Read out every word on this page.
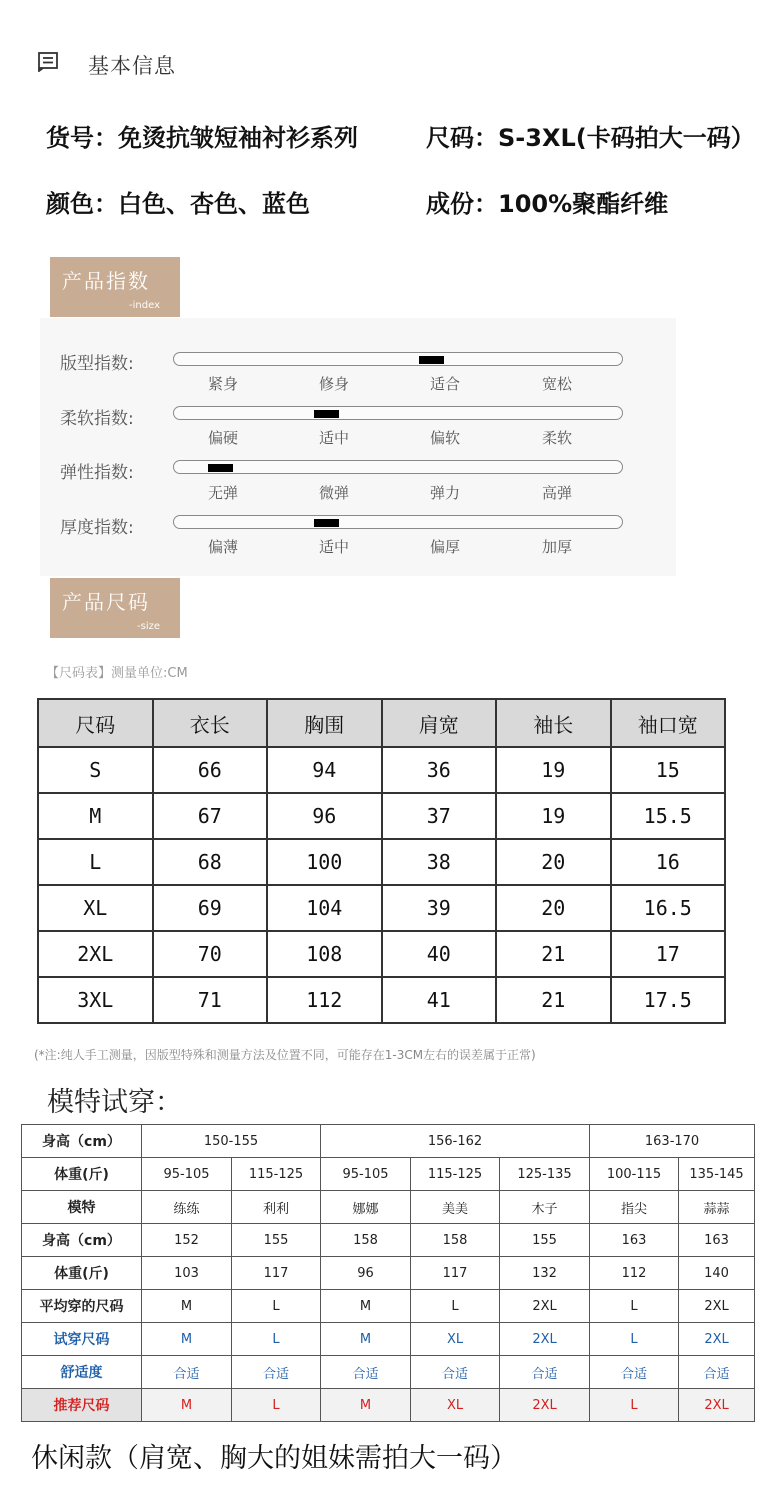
基本信息
货号：免烫抗皱短袖衬衫系列	尺码：S-3XL(卡码拍大一码）
颜色：白色、杏色、蓝色	成份：100%聚酯纤维
产品指数
-index
版型指数:
紧身	修身	适合	宽松
柔软指数:
偏硬	适中	偏软	柔软
弹性指数:
无弹	微弹	弹力	高弹
厚度指数:
偏薄	适中	偏厚	加厚
产品尺码
-size
【尺码表】测量单位:CM
尺码	衣长	胸围	肩宽	袖长	袖口宽
S	66	94	36	19	15
M	67	96	37	19	15.5
L	68	100	38	20	16
XL	69	104	39	20	16.5
2XL	70	108	40	21	17
3XL	71	112	41	21	17.5
(*注:纯人手工测量，因版型特殊和测量方法及位置不同，可能存在1-3CM左右的误差属于正常)
模特试穿：
身高（cm）	150-155		156-162			163-170	
体重(斤)	95-105	115-125	95-105	115-125	125-135	100-115	135-145
模特	练练	利利	娜娜	美美	木子	指尖	蒜蒜
身高（cm）	152	155	158	158	155	163	163
体重(斤)	103	117	96	117	132	112	140
平均穿的尺码	M	L	M	L	2XL	L	2XL
试穿尺码	M	L	M	XL	2XL	L	2XL
舒适度	合适	合适	合适	合适	合适	合适	合适
推荐尺码	M	L	M	XL	2XL	L	2XL
休闲款（肩宽、胸大的姐妹需拍大一码）
